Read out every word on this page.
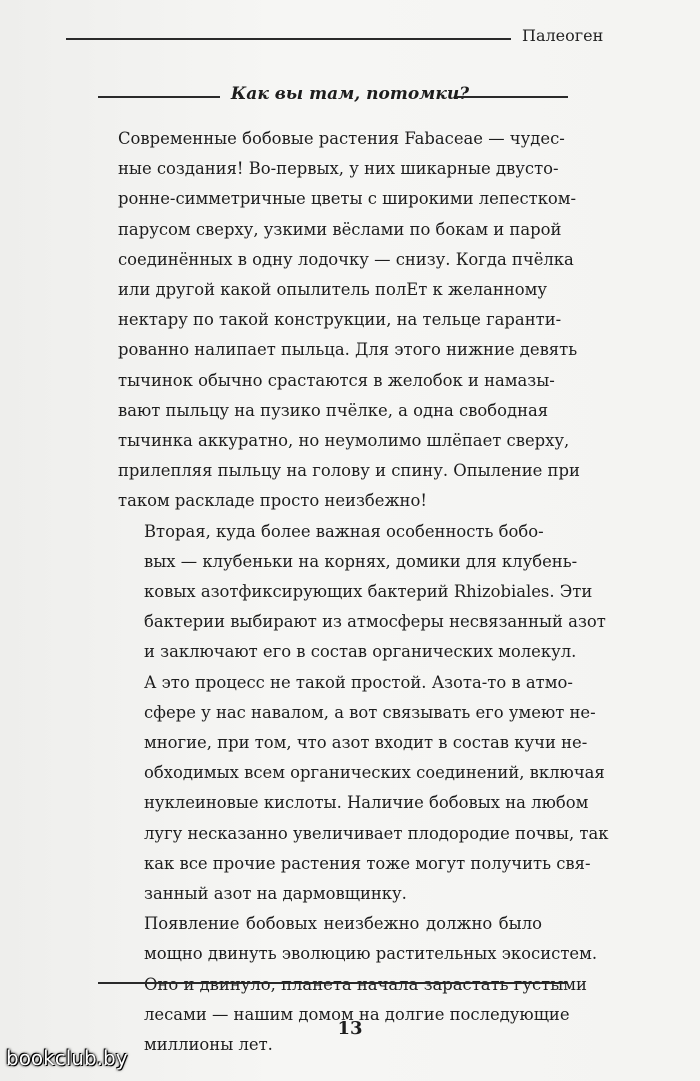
Палеоген
Как вы там, потомки?

Современные бобовые растения Fabaceae — чудес-
ные создания! Во-первых, у них шикарные двусто-
ронне-симметричные цветы с широкими лепестком-
парусом сверху, узкими вёслами по бокам и парой
соединённых в одну лодочку — снизу. Когда пчёлка
или другой какой опылитель полЕт к желанному
нектару по такой конструкции, на тельце гаранти-
рованно налипает пыльца. Для этого нижние девять
тычинок обычно срастаются в желобок и намазы-
вают пыльцу на пузико пчёлке, а одна свободная
тычинка аккуратно, но неумолимо шлёпает сверху,
прилепляя пыльцу на голову и спину. Опыление при
таком раскладе просто неизбежно!

Вторая, куда более важная особенность бобо-
вых — клубеньки на корнях, домики для клубень-
ковых азотфиксирующих бактерий Rhizobiales. Эти
бактерии выбирают из атмосферы несвязанный азот
и заключают его в состав органических молекул.
А это процесс не такой простой. Азота-то в атмо-
сфере у нас навалом, а вот связывать его умеют не-
многие, при том, что азот входит в состав кучи не-
обходимых всем органических соединений, включая
нуклеиновые кислоты. Наличие бобовых на любом
лугу несказанно увеличивает плодородие почвы, так
как все прочие растения тоже могут получить свя-
занный азот на дармовщинку.

Появление бобовых неизбежно должно было
мощно двинуть эволюцию растительных экосистем.
Оно и двинуло, планета начала зарастать густыми
лесами — нашим домом на долгие последующие
миллионы лет.

13
bookclub.by
